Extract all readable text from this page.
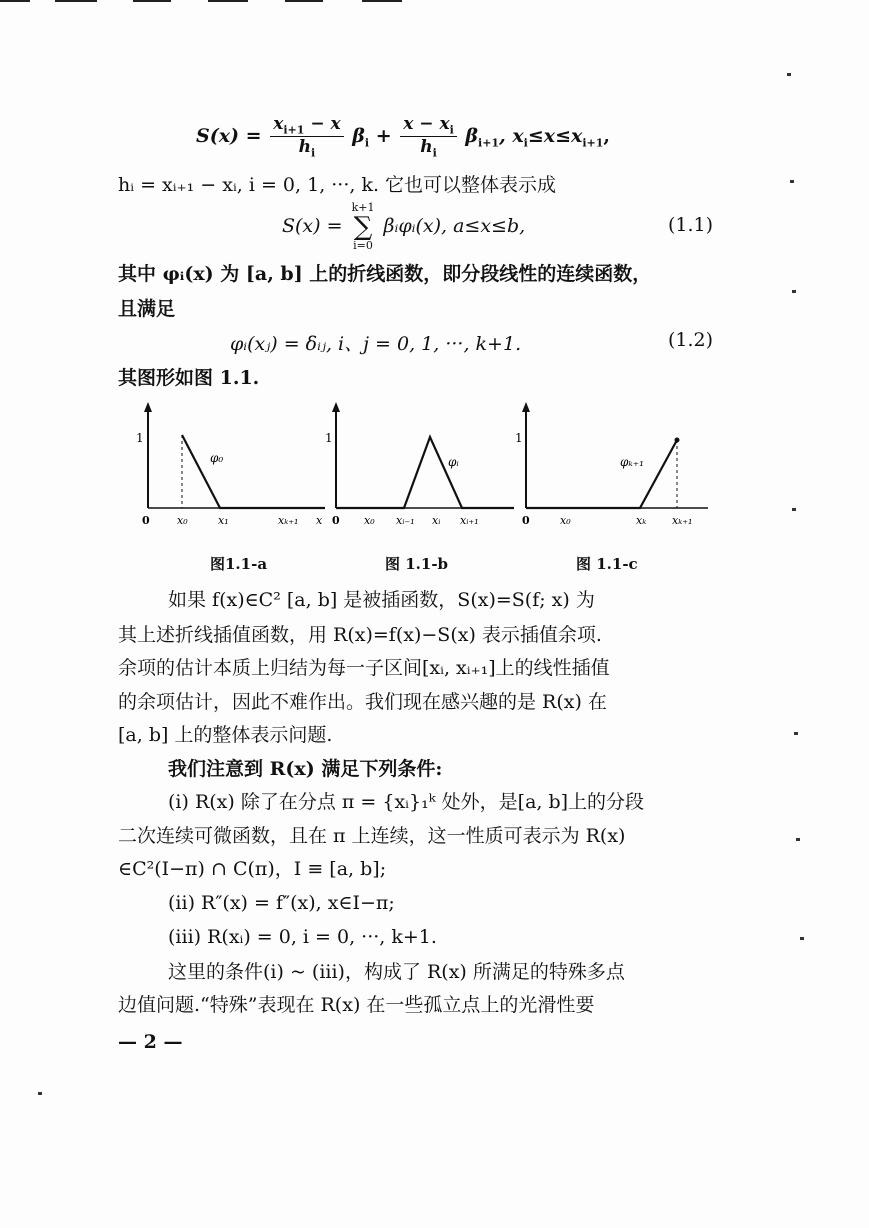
$S(x) = \frac{x_{i+1} - x}{h_i} \beta_i + \frac{x - x_i}{h_i} \beta_{i+1}$, $x_i\le x\le x_{i+1}$,
hᵢ = xᵢ₊₁ − xᵢ, i = 0, 1, ···, k. 它也可以整体表示成
S(x) =
k+1
∑
i=0
βᵢφᵢ(x), a≤x≤b,	(1.1)
其中 φᵢ(x) 为 [a, b] 上的折线函数，即分段线性的连续函数，
且满足
φᵢ(xⱼ) = δᵢⱼ, i、j = 0, 1, ···, k+1.	(1.2)
其图形如图 1.1.
1
φ₀
0 x₀	x₁	xₖ₊₁ x
1
φᵢ
0 x₀ xᵢ₋₁ xᵢ xᵢ₊₁
1
φₖ₊₁
0	x₀	xₖ xₖ₊₁
图1.1-a	图 1.1-b	图 1.1-c
如果 f(x)∈C² [a, b] 是被插函数，S(x)=S(f; x) 为
其上述折线插值函数，用 R(x)=f(x)−S(x) 表示插值余项.
余项的估计本质上归结为每一子区间[xᵢ, xᵢ₊₁]上的线性插值
的余项估计，因此不难作出。我们现在感兴趣的是 R(x) 在
[a, b] 上的整体表示问题.
我们注意到 R(x) 满足下列条件:
(i) R(x) 除了在分点 π = {xᵢ}₁ᵏ 处外，是[a, b]上的分段
二次连续可微函数，且在 π 上连续，这一性质可表示为 R(x)
∈C²(I−π) ∩ C(π)，I ≡ [a, b];
(ii) R″(x) = f″(x), x∈I−π;
(iii) R(xᵢ) = 0, i = 0, ···, k+1.
这里的条件(i) ~ (iii)，构成了 R(x) 所满足的特殊多点
边值问题.“特殊”表现在 R(x) 在一些孤立点上的光滑性要
— 2 —
